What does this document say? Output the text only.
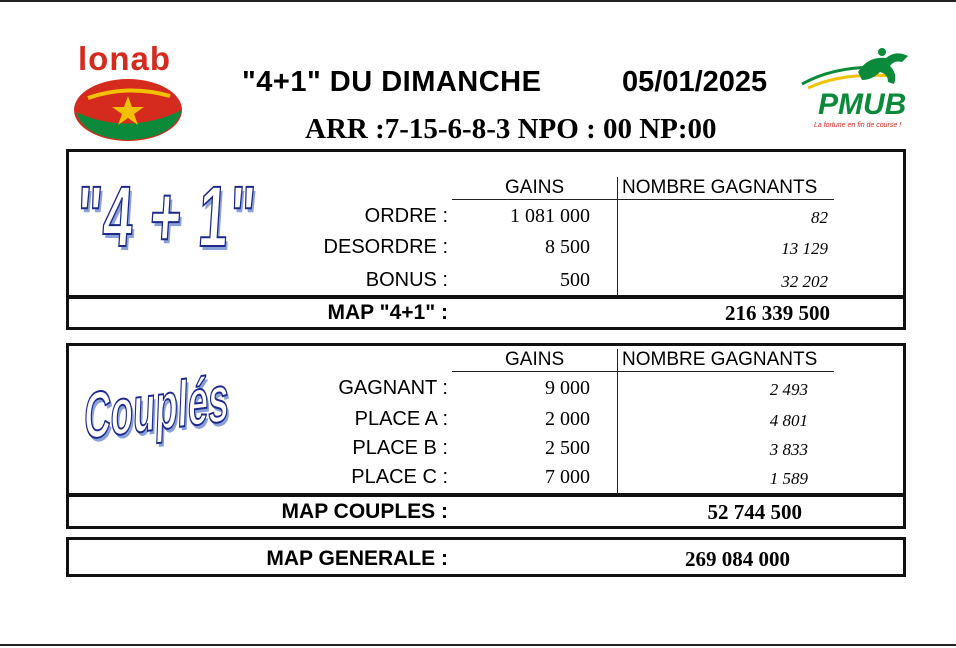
lonab
PMUB
La fortune en fin de course !
"4+1" DU DIMANCHE	05/01/2025
ARR :7-15-6-8-3 NPO : 00 NP:00
"4 + 1"	GAINS	NOMBRE GAGNANTS
ORDRE :	1 081 000	82
DESORDRE :	8 500	13 129
BONUS :	500	32 202
MAP "4+1" :	216 339 500
Couplés
GAINS	NOMBRE GAGNANTS
GAGNANT :	9 000	2 493
PLACE A :	2 000	4 801
PLACE B :	2 500	3 833
PLACE C :	7 000	1 589
MAP COUPLES :	52 744 500
MAP GENERALE :	269 084 000
